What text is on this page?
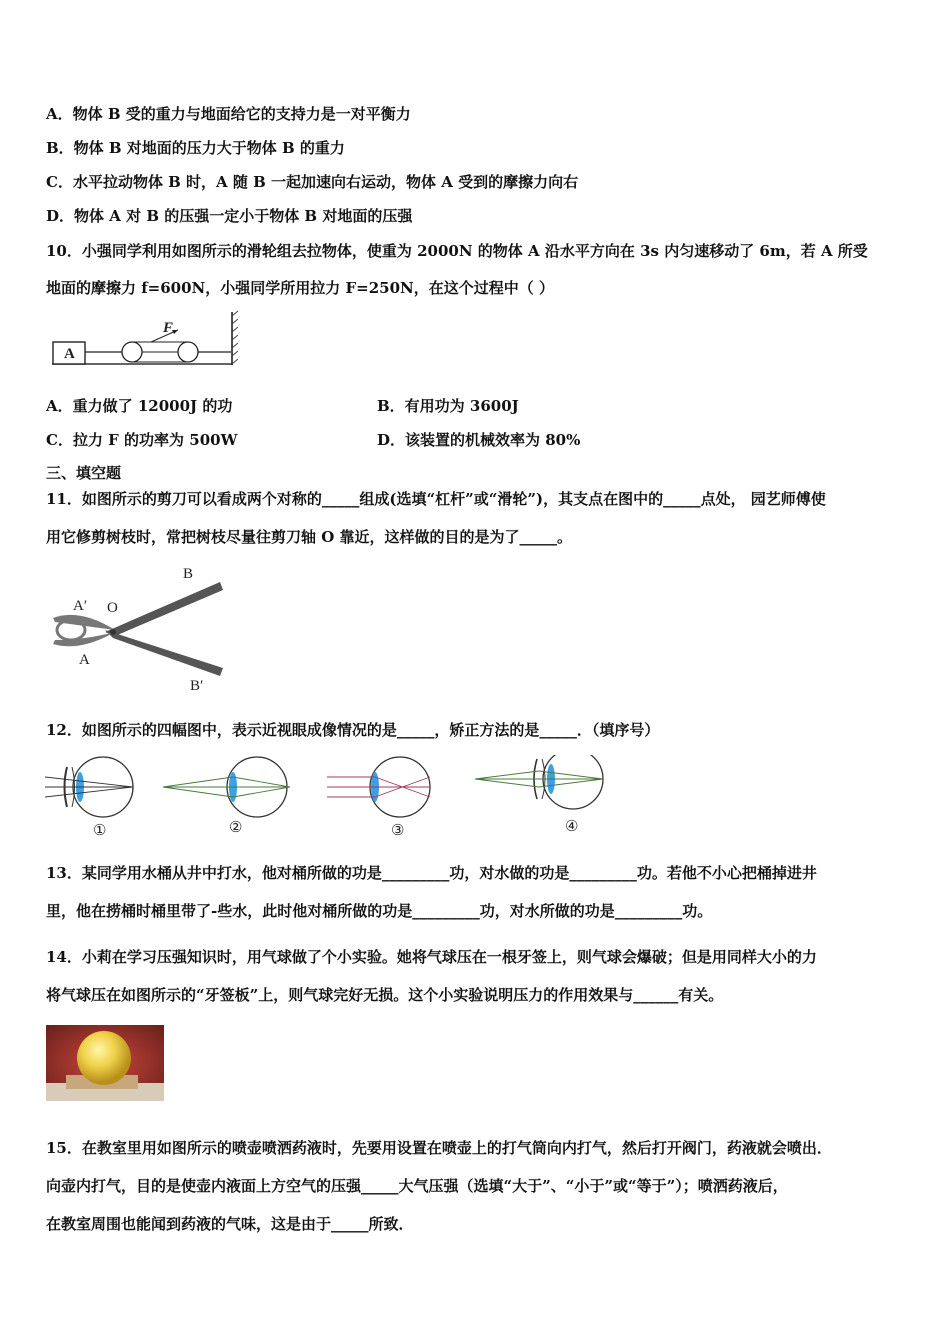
A．物体 B 受的重力与地面给它的支持力是一对平衡力
B．物体 B 对地面的压力大于物体 B 的重力
C．水平拉动物体 B 时，A 随 B 一起加速向右运动，物体 A 受到的摩擦力向右
D．物体 A 对 B 的压强一定小于物体 B 对地面的压强
10．小强同学利用如图所示的滑轮组去拉物体，使重为 2000N 的物体 A 沿水平方向在 3s 内匀速移动了 6m，若 A 所受
地面的摩擦力 f=600N，小强同学所用拉力 F=250N，在这个过程中（ ）
A
F
A．重力做了 12000J 的功	B．有用功为 3600J
C．拉力 F 的功率为 500W	D．该装置的机械效率为 80%
三、填空题
11．如图所示的剪刀可以看成两个对称的_____组成(选填“杠杆”或“滑轮”)，其支点在图中的_____点处， 园艺师傅使
用它修剪树枝时，常把树枝尽量往剪刀轴 O 靠近，这样做的目的是为了_____。
B
A′ O
A
B′
12．如图所示的四幅图中，表示近视眼成像情况的是_____，矫正方法的是_____．（填序号）
①	②	③	④
13．某同学用水桶从井中打水，他对桶所做的功是_________功，对水做的功是_________功。若他不小心把桶掉进井
里，他在捞桶时桶里带了-些水，此时他对桶所做的功是_________功，对水所做的功是_________功。
14．小莉在学习压强知识时，用气球做了个小实验。她将气球压在一根牙签上，则气球会爆破；但是用同样大小的力
将气球压在如图所示的“牙签板”上，则气球完好无损。这个小实验说明压力的作用效果与______有关。
15．在教室里用如图所示的喷壶喷洒药液时，先要用设置在喷壶上的打气筒向内打气，然后打开阀门，药液就会喷出．
向壶内打气，目的是使壶内液面上方空气的压强_____大气压强（选填“大于”、“小于”或“等于”）；喷洒药液后，
在教室周围也能闻到药液的气味，这是由于_____所致．
